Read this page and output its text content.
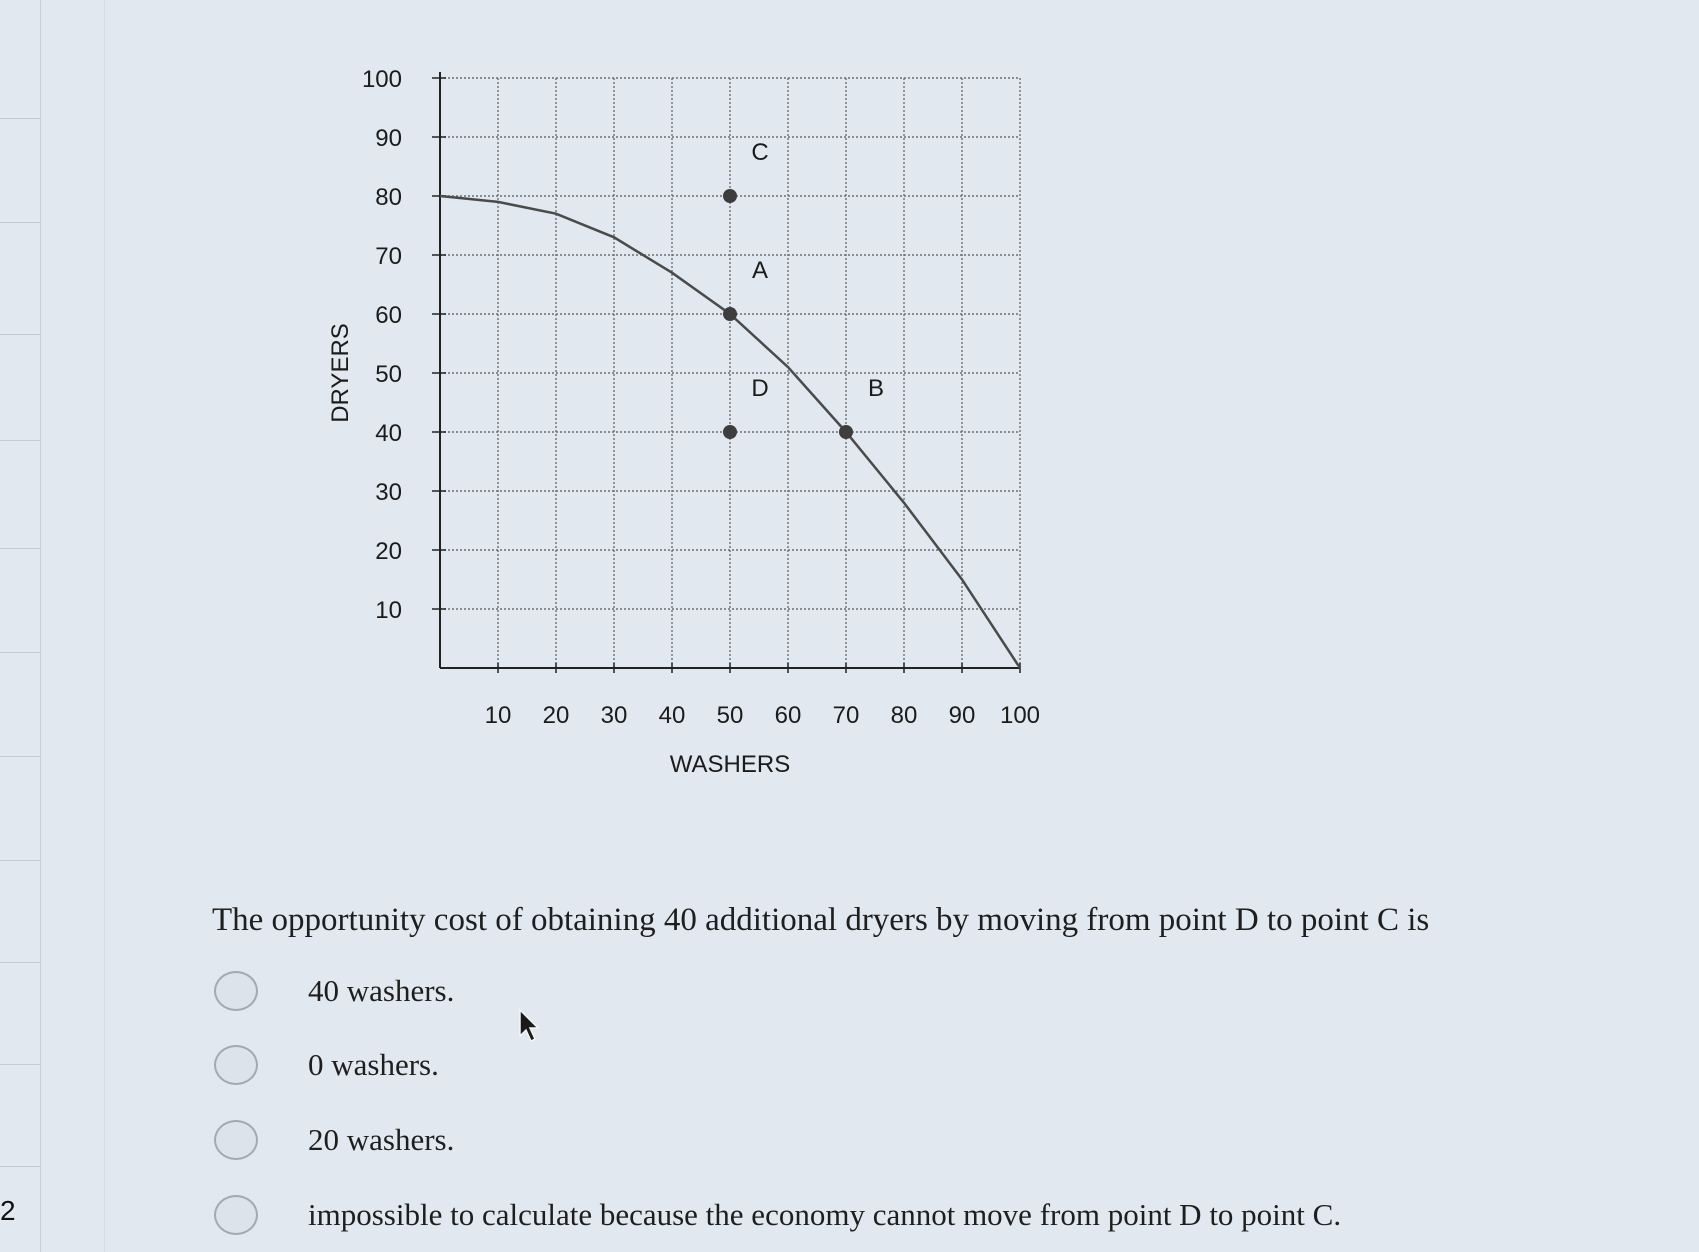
2
10 20 30 40 50 60 70 80 90 100
100
90
80
70
60
50
40
30
20
10
WASHERS
DRYERS
C
A
D	B
The opportunity cost of obtaining 40 additional dryers by moving from point D to point C is
40 washers.
0 washers.
20 washers.
impossible to calculate because the economy cannot move from point D to point C.
